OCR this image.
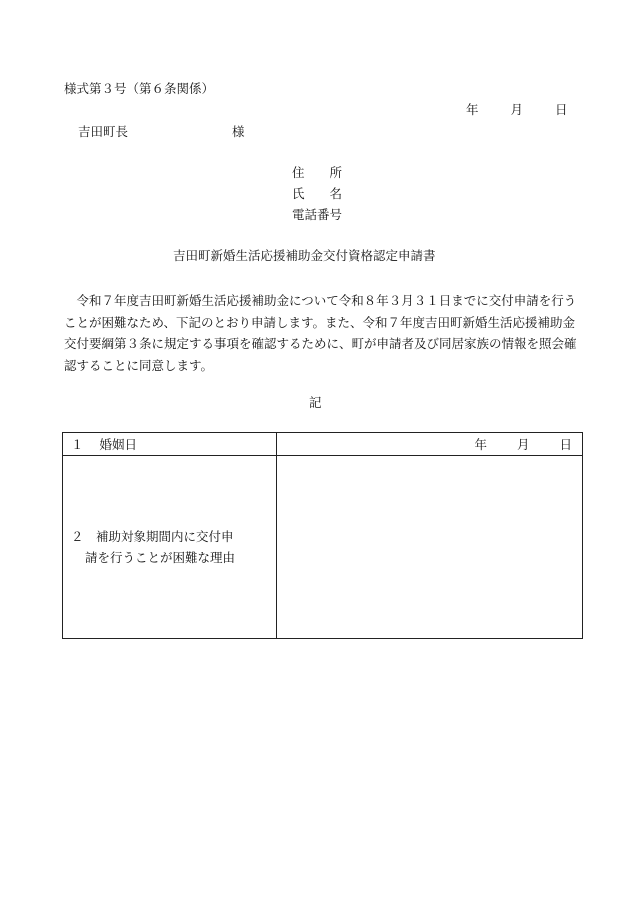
様式第３号（第６条関係）
年	月	日
吉田町長	様
住　　所
氏　　名
電話番号
吉田町新婚生活応援補助金交付資格認定申請書
　令和７年度吉田町新婚生活応援補助金について令和８年３月３１日までに交付申請を行うことが困難なため、下記のとおり申請します。また、令和７年度吉田町新婚生活応援補助金交付要綱第３条に規定する事項を確認するために、町が申請者及び同居家族の情報を照会確認することに同意します。
記
１ 婚姻日	年 月 日

２　補助対象期間内に交付申
請を行うことが困難な理由	
